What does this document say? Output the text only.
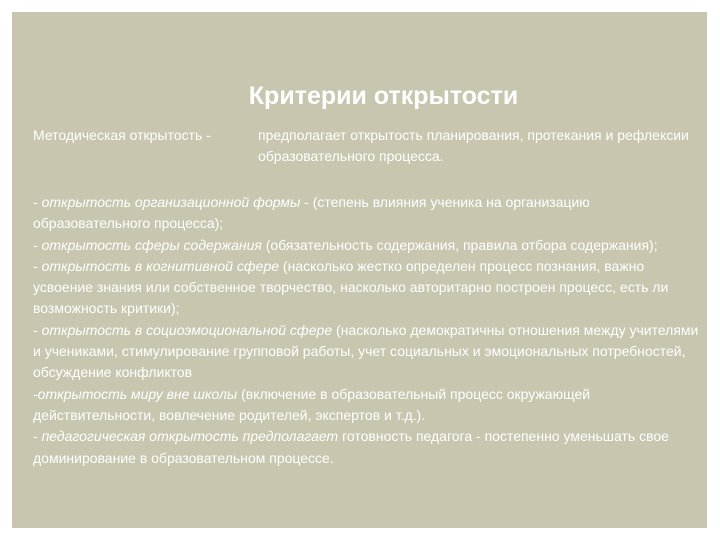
Критерии открытости
Методическая открытость -	предполагает открытость планирования, протекания и рефлексии образовательного процесса.

- открытость организационной формы - (степень влияния ученика на организацию образовательного процесса);

- открытость сферы содержания (обязательность содержания, правила отбора содержания);

- открытость в когнитивной сфере (насколько жестко определен процесс познания, важно усвоение знания или собственное творчество, насколько авторитарно построен процесс, есть ли возможность критики);

- открытость в социоэмоциональной сфере (насколько демократичны отношения между учителями и учениками, стимулирование групповой работы, учет социальных и эмоциональных потребностей, обсуждение конфликтов

-открытость миру вне школы (включение в образовательный процесс окружающей действительности, вовлечение родителей, экспертов и т.д.).

- педагогическая открытость предполагает готовность педагога - постепенно уменьшать свое доминирование в образовательном процессе.
